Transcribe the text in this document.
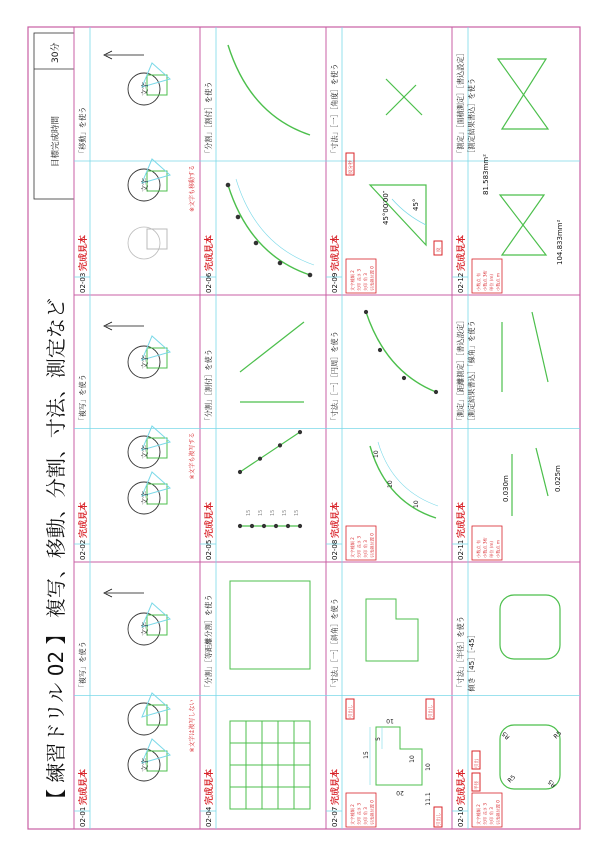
【 練習ドリル 02 】 複写、移動、分割、寸法、測定など
目標完成時間
30分
02-01
完成見本
「複写」を使う
※文字は複写しない
文字
文字
02-02
完成見本
「複写」を使う
※文字も複写する
文字
文字
文字
02-03
完成見本
「移動」を使う
※文字も移動する
文字
文字
02-04
完成見本
「分割」［等距離分割］を使う
02-05
完成見本
「分割」［割付］を使う
15
15
15
15
15
02-06
完成見本
「分割」［割付］を使う
02-07
完成見本
「寸法」［一］［斜角］を使う
文字種類 2 矢印 長さ 3 矢印 角 3 引出線位置 0
15
5
10
20
10
10
11.1
引出し
引出し
引出し
02-08
完成見本
「寸法」［一］［円周］を使う
文字種類 2 矢印 長さ 3 矢印 角 3 引出線位置 0
10
10
10
02-09
完成見本
「寸法」［一］［角度］を使う
文字種類 2 矢印 長さ 3 矢印 角 3 引出線位置 0
45°00′00″	45°
度分秒
度
02-10
完成見本
「寸法」［半径］を使う 傾き［45］［-45］
文字種類 2 矢印 長さ 3 矢印 角 3 引出線位置 0
R5
R5
R5
R5
半径
引出
02-11
完成見本
「測定」［距離測定］［書込設定］ ［測定結果書込］「線角」を使う
小数点 有 小数点 3桁 単位 (m) 小数点 m
0.030m	0.025m
02-12
完成見本
「測定」［面積測定］［書込設定］ ［測定結果書込］を使う
小数点 有 小数点 3桁 単位 (m) 小数点 m
104.833mm²
81.583mm²
